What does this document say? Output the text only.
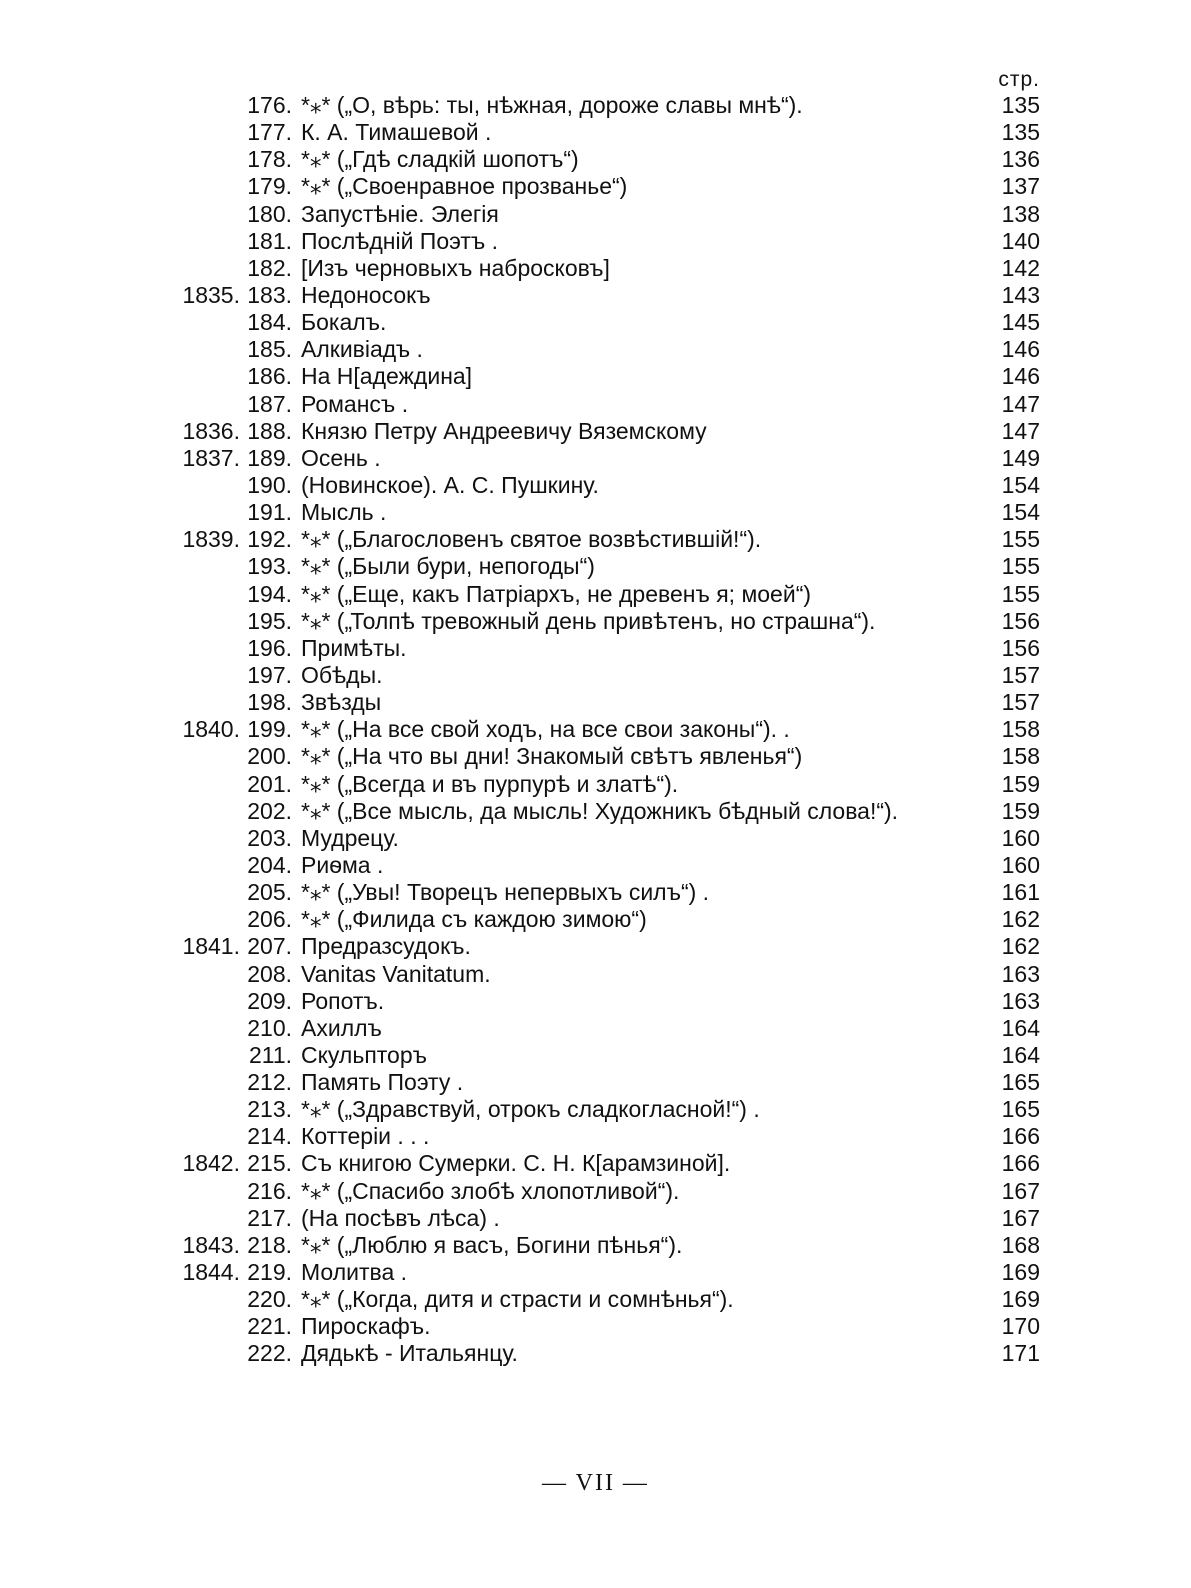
стр.
176. *⁎* („О, вѣрь: ты, нѣжная, дороже славы мнѣ“).	135
177. К. А. Тимашевой .	135
178. *⁎* („Гдѣ сладкій шопотъ“)	136
179. *⁎* („Своенравное прозванье“)	137
180. Запустѣніе. Элегія	138
181. Послѣдній Поэтъ .	140
182. [Изъ черновыхъ набросковъ]	142
1835. 183. Недоносокъ	143
184. Бокалъ.	145
185. Алкивіадъ .	146
186. На Н[адеждина]	146
187. Романсъ .	147
1836. 188. Князю Петру Андреевичу Вяземскому	147
1837. 189. Осень .	149
190. (Новинское). А. С. Пушкину.	154
191. Мысль .	154
1839. 192. *⁎* („Благословенъ святое возвѣстившій!“).	155
193. *⁎* („Были бури, непогоды“)	155
194. *⁎* („Еще, какъ Патріархъ, не древенъ я; моей“)	155
195. *⁎* („Толпѣ тревожный день привѣтенъ, но страшна“).	156
196. Примѣты.	156
197. Обѣды.	157
198. Звѣзды	157
1840. 199. *⁎* („На все свой ходъ, на все свои законы“). .	158
200. *⁎* („На что вы дни! Знакомый свѣтъ явленья“)	158
201. *⁎* („Всегда и въ пурпурѣ и златѣ“).	159
202. *⁎* („Все мысль, да мысль! Художникъ бѣдный слова!“).	159
203. Мудрецу.	160
204. Риѳма .	160
205. *⁎* („Увы! Творецъ непервыхъ силъ“) .	161
206. *⁎* („Филида съ каждою зимою“)	162
1841. 207. Предразсудокъ.	162
208. Vanitas Vanitatum.	163
209. Ропотъ.	163
210. Ахиллъ	164
211. Скульпторъ	164
212. Память Поэту .	165
213. *⁎* („Здравствуй, отрокъ сладкогласной!“) .	165
214. Коттеріи . . .	166
1842. 215. Съ книгою Сумерки. С. Н. К[арамзиной].	166
216. *⁎* („Спасибо злобѣ хлопотливой“).	167
217. (На посѣвъ лѣса) .	167
1843. 218. *⁎* („Люблю я васъ, Богини пѣнья“).	168
1844. 219. Молитва .	169
220. *⁎* („Когда, дитя и страсти и сомнѣнья“).	169
221. Пироскафъ.	170
222. Дядькѣ - Итальянцу.	171
— VII —
